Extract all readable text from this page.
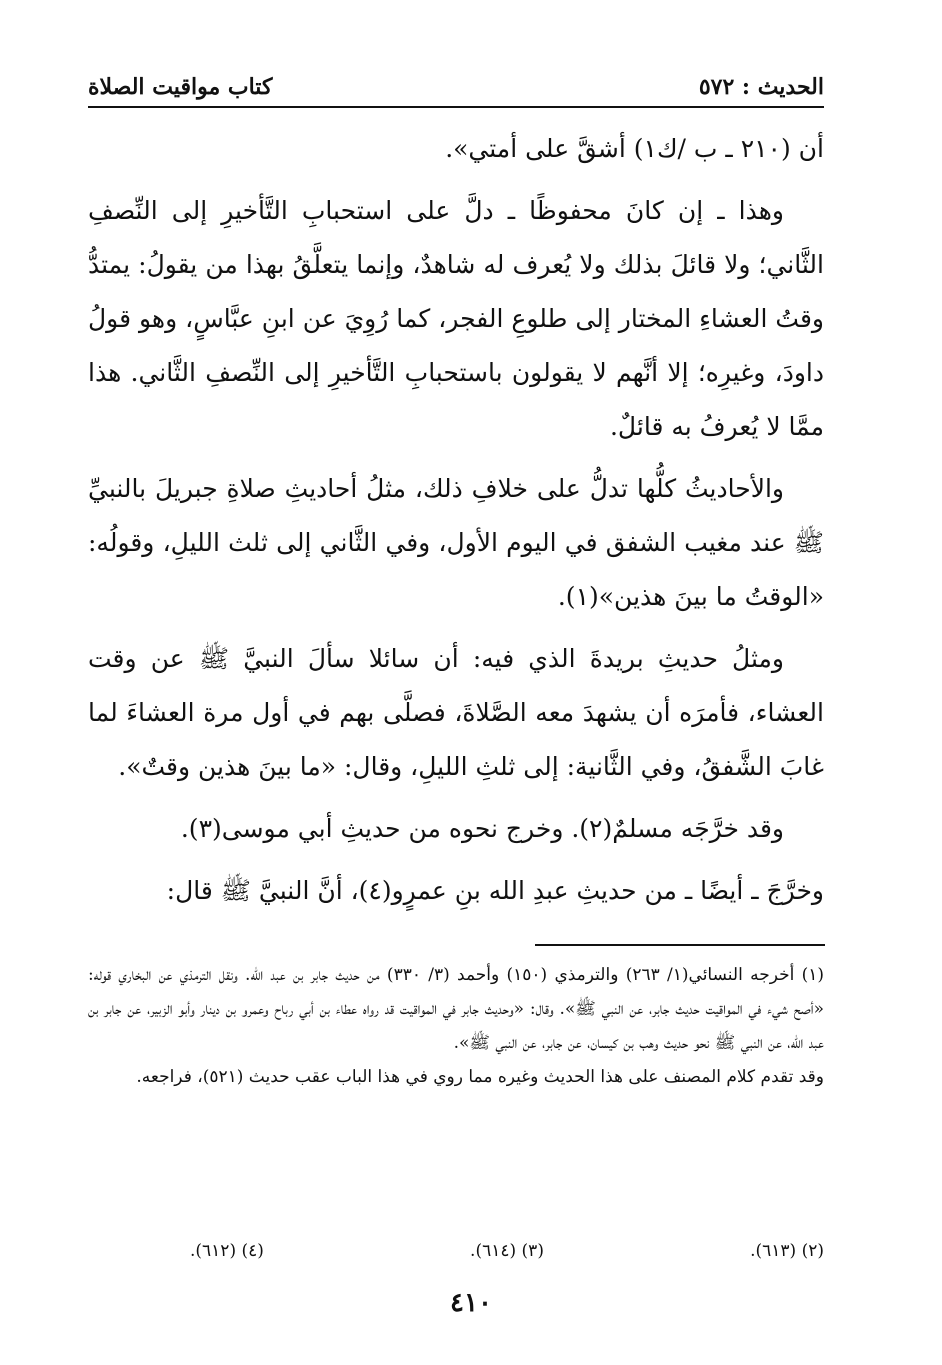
الحديث : ٥٧٢
كتاب مواقيت الصلاة

أن (٢١٠ ـ ب /ك١) أشقَّ على أمتي».

وهذا ـ إن كانَ محفوظًا ـ دلَّ على استحبابِ التَّأخيرِ إلى النِّصفِ الثَّاني؛ ولا قائلَ بذلك ولا يُعرف له شاهدٌ، وإنما يتعلَّقُ بهذا من يقولُ: يمتدُّ وقتُ العشاءِ المختار إلى طلوعِ الفجر، كما رُوِيَ عن ابنِ عبَّاسٍ، وهو قولُ داودَ، وغيرِه؛ إلا أنَّهم لا يقولون باستحبابِ التَّأخيرِ إلى النِّصفِ الثَّاني. هذا ممَّا لا يُعرفُ به قائلٌ.

والأحاديثُ كلُّها تدلُّ على خلافِ ذلك، مثلُ أحاديثِ صلاةِ جبريلَ بالنبيِّ ﷺ عند مغيب الشفق في اليوم الأول، وفي الثَّاني إلى ثلث الليلِ، وقولُه: «الوقتُ ما بينَ هذين»(١).

ومثلُ حديثِ بريدةَ الذي فيه: أن سائلا سألَ النبيَّ ﷺ عن وقت العشاء، فأمرَه أن يشهدَ معه الصَّلاةَ، فصلَّى بهم في أول مرة العشاءَ لما غابَ الشَّفقُ، وفي الثَّانية: إلى ثلثِ الليلِ، وقال: «ما بينَ هذين وقتٌ».

وقد خرَّجَه مسلمٌ(٢). وخرج نحوه من حديثِ أبي موسى(٣).

وخرَّجَ ـ أيضًا ـ من حديثِ عبدِ الله بنِ عمرٍو(٤)، أنَّ النبيَّ ﷺ قال:

(١) أخرجه النسائي(١/ ٢٦٣) والترمذي (١٥٠) وأحمد (٣/ ٣٣٠) من حديث جابر بن عبد الله. ونقل الترمذي عن البخاري قوله: «أصح شيء في المواقيت حديث جابر، عن النبي ﷺ». وقال: «وحديث جابر في المواقيت قد رواه عطاء بن أبي رباح وعمرو بن دينار وأبو الزبير، عن جابر بن عبد الله، عن النبي ﷺ نحو حديث وهب بن كيسان، عن جابر، عن النبي ﷺ».

وقد تقدم كلام المصنف على هذا الحديث وغيره مما روي في هذا الباب عقب حديث (٥٢١)، فراجعه.

(٢) (٦١٣).
(٣) (٦١٤).
(٤) (٦١٢).
٤١٠
